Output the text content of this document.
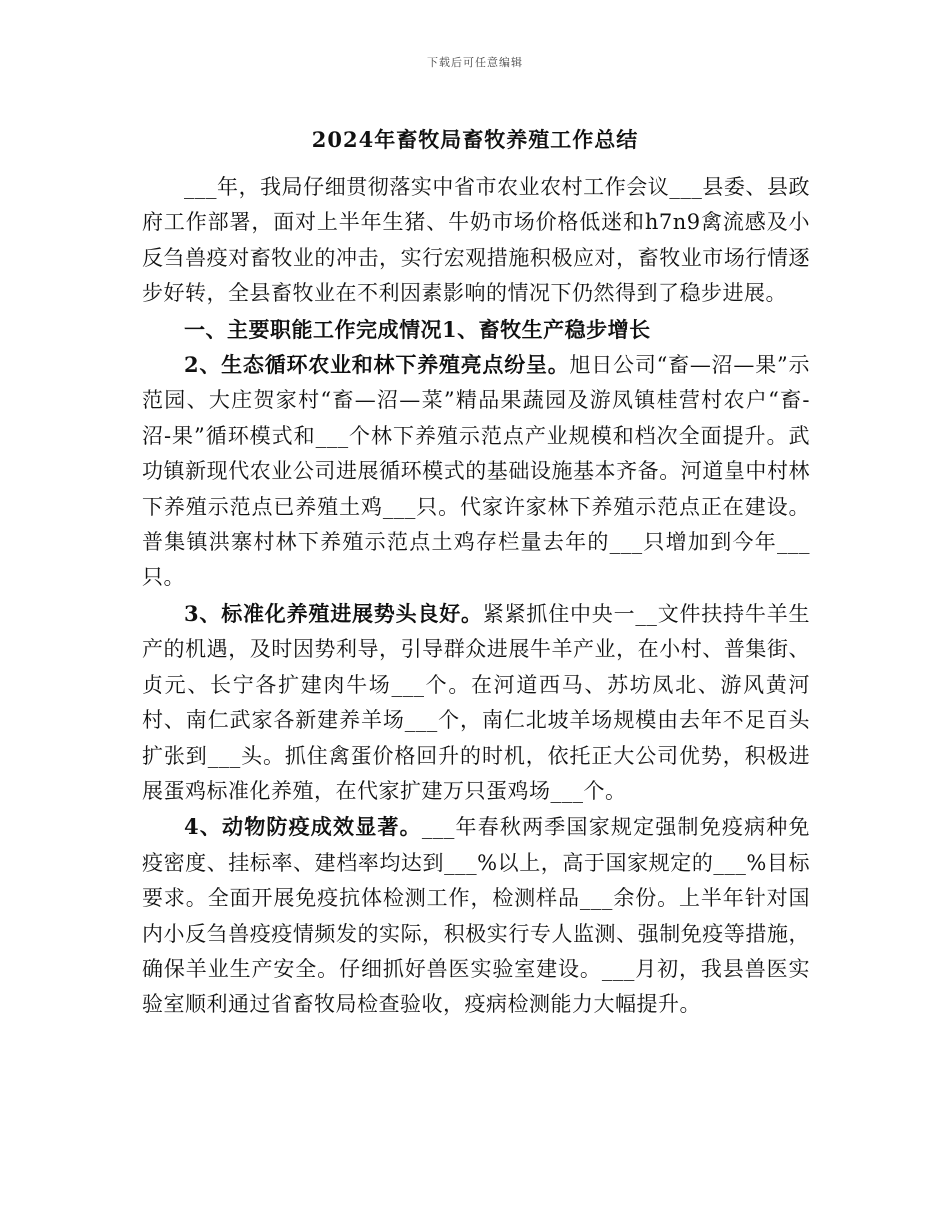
下载后可任意编辑
2024年畜牧局畜牧养殖工作总结

___年，我局仔细贯彻落实中省市农业农村工作会议___县委、县政府工作部署，面对上半年生猪、牛奶市场价格低迷和h7n9禽流感及小反刍兽疫对畜牧业的冲击，实行宏观措施积极应对，畜牧业市场行情逐步好转，全县畜牧业在不利因素影响的情况下仍然得到了稳步进展。

一、主要职能工作完成情况1、畜牧生产稳步增长

2、生态循环农业和林下养殖亮点纷呈。旭日公司“畜—沼—果”示范园、大庄贺家村“畜—沼—菜”精品果蔬园及游凤镇桂营村农户“畜-沼-果”循环模式和___个林下养殖示范点产业规模和档次全面提升。武功镇新现代农业公司进展循环模式的基础设施基本齐备。河道皇中村林下养殖示范点已养殖土鸡___只。代家许家林下养殖示范点正在建设。普集镇洪寨村林下养殖示范点土鸡存栏量去年的___只增加到今年___只。

3、标准化养殖进展势头良好。紧紧抓住中央一__文件扶持牛羊生产的机遇，及时因势利导，引导群众进展牛羊产业，在小村、普集街、贞元、长宁各扩建肉牛场___个。在河道西马、苏坊凤北、游风黄河村、南仁武家各新建养羊场___个，南仁北坡羊场规模由去年不足百头扩张到___头。抓住禽蛋价格回升的时机，依托正大公司优势，积极进展蛋鸡标准化养殖，在代家扩建万只蛋鸡场___个。

4、动物防疫成效显著。___年春秋两季国家规定强制免疫病种免疫密度、挂标率、建档率均达到___%以上，高于国家规定的___%目标要求。全面开展免疫抗体检测工作，检测样品___余份。上半年针对国内小反刍兽疫疫情频发的实际，积极实行专人监测、强制免疫等措施，确保羊业生产安全。仔细抓好兽医实验室建设。___月初，我县兽医实验室顺利通过省畜牧局检查验收，疫病检测能力大幅提升。
